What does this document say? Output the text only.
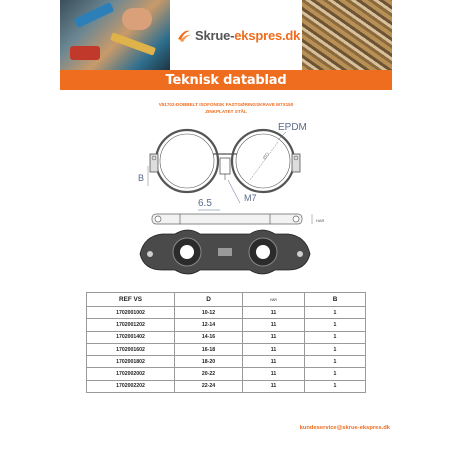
Skrue-ekspres.dk
Teknisk datablad
V51702-DOBBELT ISOFONISK FASTGØRINGSKRAVE M7X150
ZINKPLATET STÅL
EPDM
ØD
B
6.5	M7
HAR
REF VS	D	HAR	B
1702001002	10-12	11	1
1702001202	12-14	11	1
1702001402	14-16	11	1
1702001602	16-18	11	1
1702001802	18-20	11	1
1702002002	20-22	11	1
1702002202	22-24	11	1
kundeservice@skrue-ekspres.dk
